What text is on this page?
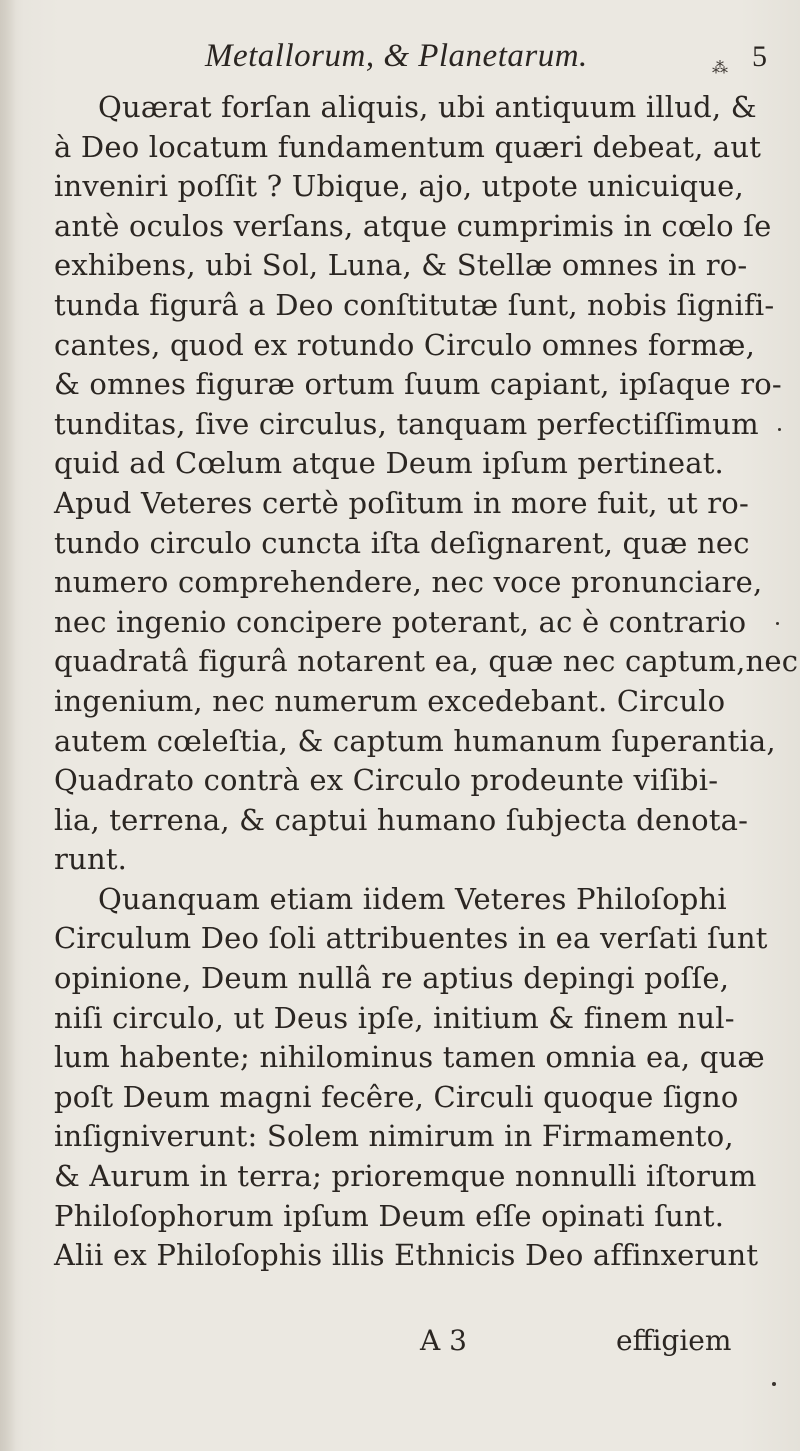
Metallorum, & Planetarum.	⁂ 5
Quærat forſan aliquis, ubi antiquum illud, &
à Deo locatum fundamentum quæri debeat, aut
inveniri poſſit ? Ubique, ajo, utpote unicuique,
antè oculos verſans, atque cumprimis in cœlo ſe
exhibens, ubi Sol, Luna, & Stellæ omnes in ro-
tunda figurâ a Deo conſtitutæ ſunt, nobis ſignifi-
cantes, quod ex rotundo Circulo omnes formæ,
& omnes figuræ ortum ſuum capiant, ipſaque ro-
tunditas, ſive circulus, tanquam perfectiſſimum
quid ad Cœlum atque Deum ipſum pertineat.
Apud Veteres certè poſitum in more fuit, ut ro-
tundo circulo cuncta iſta deſignarent, quæ nec
numero comprehendere, nec voce pronunciare,
nec ingenio concipere poterant, ac è contrario
quadratâ figurâ notarent ea, quæ nec captum,nec
ingenium, nec numerum excedebant. Circulo
autem cœleſtia, & captum humanum ſuperantia,
Quadrato contrà ex Circulo prodeunte viſibi-
lia, terrena, & captui humano ſubjecta denota-
runt.
Quanquam etiam iidem Veteres Philoſophi
Circulum Deo ſoli attribuentes in ea verſati ſunt
opinione, Deum nullâ re aptius depingi poſſe,
niſi circulo, ut Deus ipſe, initium & finem nul-
lum habente; nihilominus tamen omnia ea, quæ
poſt Deum magni fecêre, Circuli quoque ſigno
inſigniverunt: Solem nimirum in Firmamento,
& Aurum in terra; prioremque nonnulli iſtorum
Philoſophorum ipſum Deum eſſe opinati ſunt.
Alii ex Philoſophis illis Ethnicis Deo affinxerunt
A 3	effigiem
